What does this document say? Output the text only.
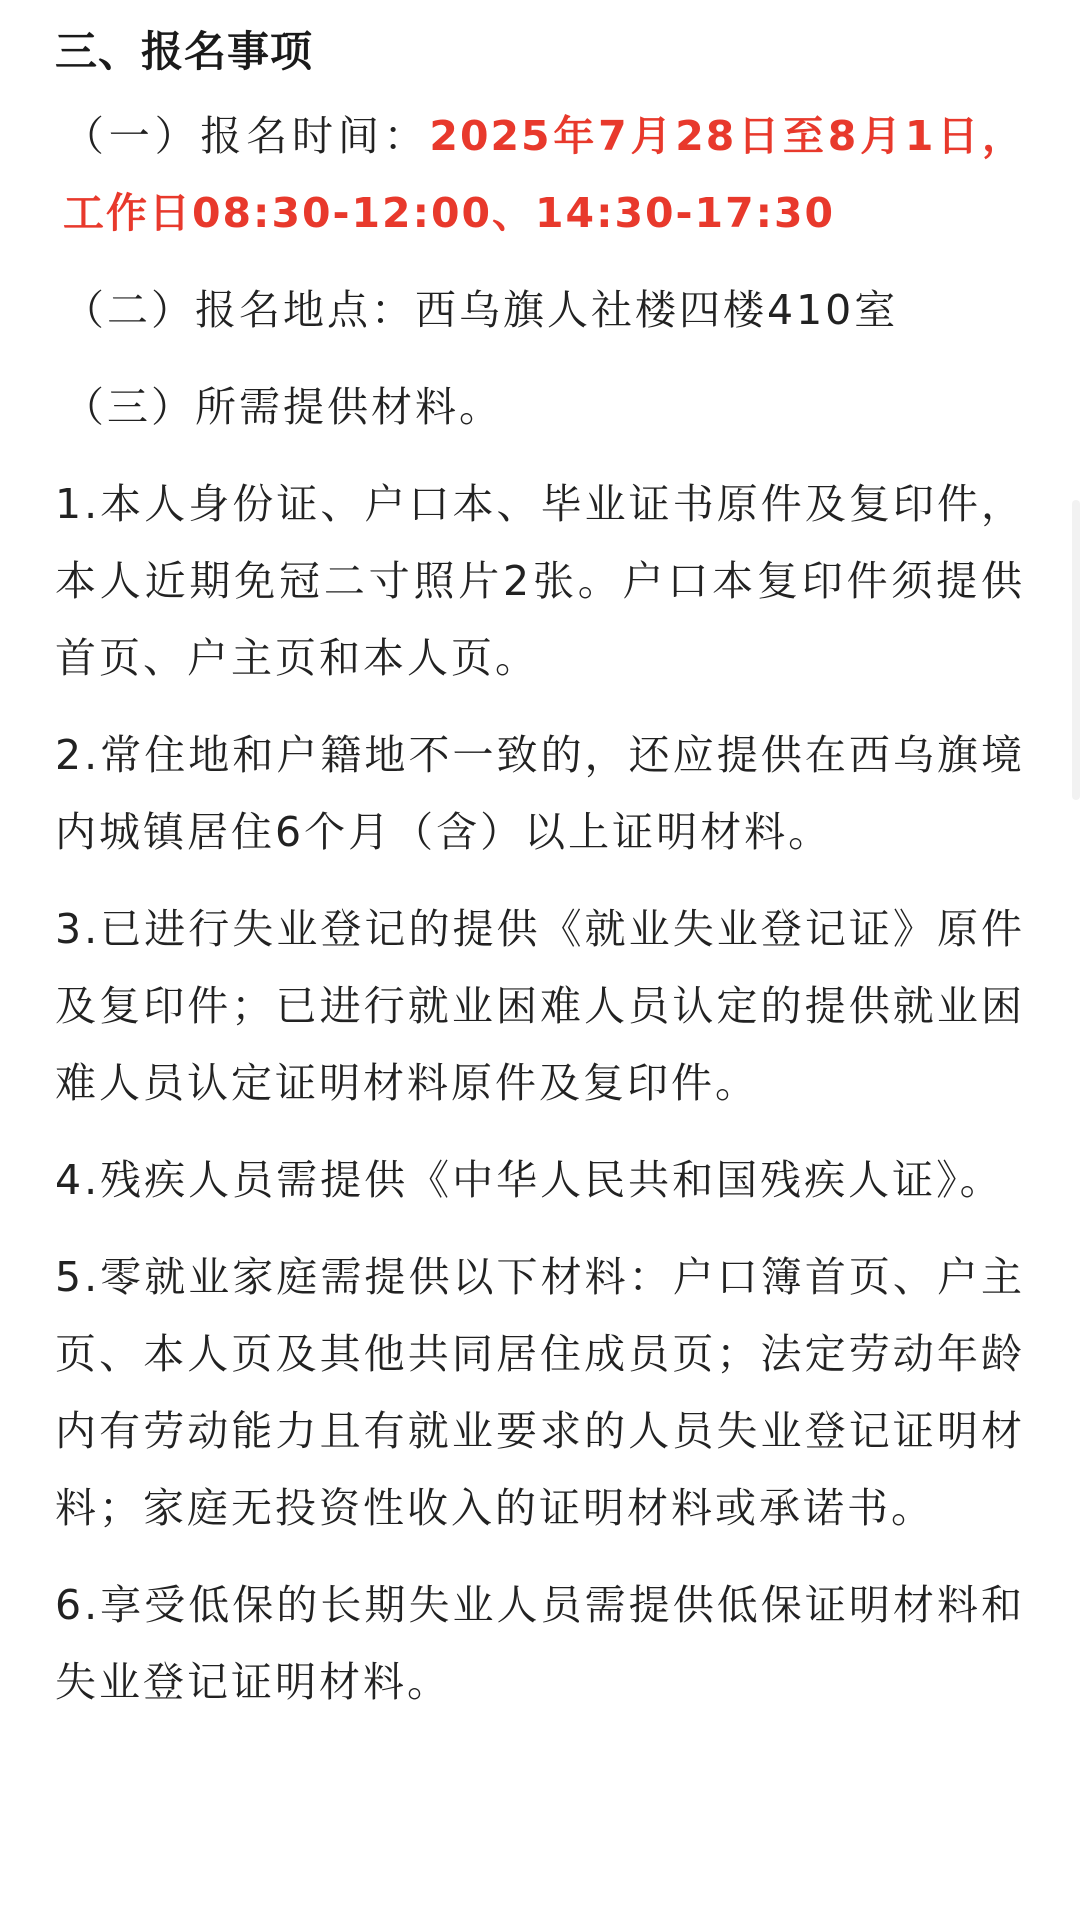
三、报名事项

（一）报名时间：2025年7月28日至8月1日，工作日08:30-12:00、14:30-17:30

（二）报名地点：西乌旗人社楼四楼410室

（三）所需提供材料。

1.本人身份证、户口本、毕业证书原件及复印件，本人近期免冠二寸照片2张。户口本复印件须提供首页、户主页和本人页。

2.常住地和户籍地不一致的，还应提供在西乌旗境内城镇居住6个月（含）以上证明材料。

3.已进行失业登记的提供《就业失业登记证》原件及复印件；已进行就业困难人员认定的提供就业困难人员认定证明材料原件及复印件。

4.残疾人员需提供《中华人民共和国残疾人证》。

5.零就业家庭需提供以下材料：户口簿首页、户主页、本人页及其他共同居住成员页；法定劳动年龄内有劳动能力且有就业要求的人员失业登记证明材料；家庭无投资性收入的证明材料或承诺书。

6.享受低保的长期失业人员需提供低保证明材料和失业登记证明材料。
